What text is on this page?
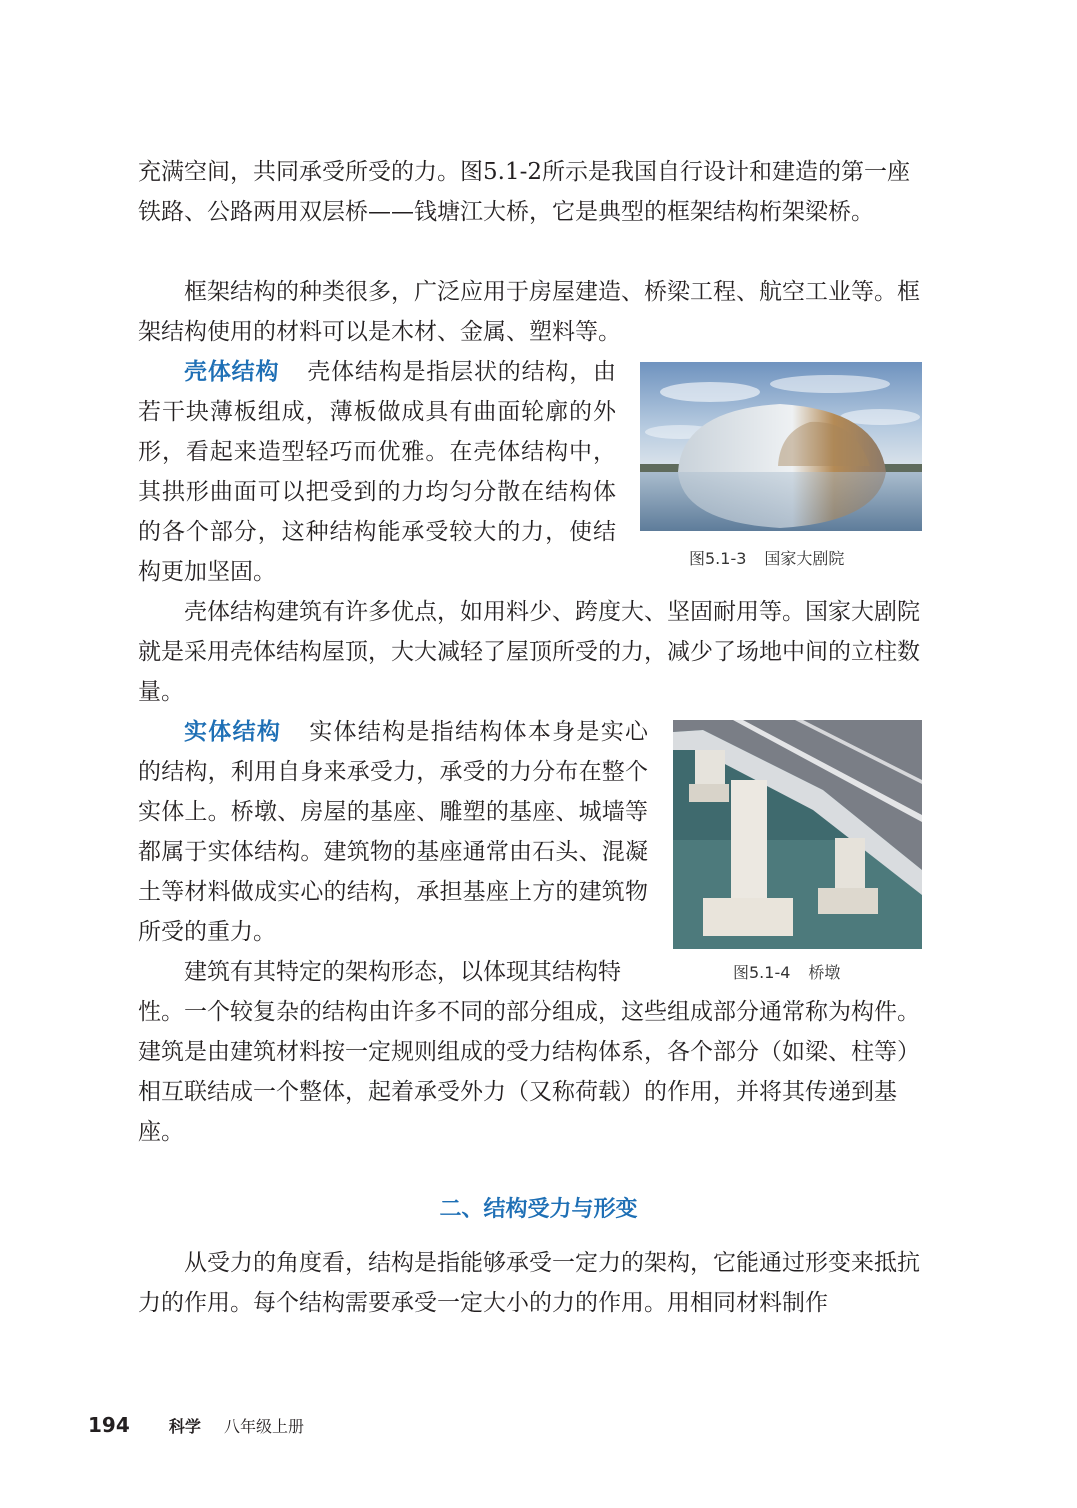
充满空间，共同承受所受的力。图5.1-2所示是我国自行设计和建造的第一座铁路、公路两用双层桥——钱塘江大桥，它是典型的框架结构桁架梁桥。

框架结构的种类很多，广泛应用于房屋建造、桥梁工程、航空工业等。框架结构使用的材料可以是木材、金属、塑料等。

壳体结构 壳体结构是指层状的结构，由若干块薄板组成，薄板做成具有曲面轮廓的外形，看起来造型轻巧而优雅。在壳体结构中，其拱形曲面可以把受到的力均匀分散在结构体的各个部分，这种结构能承受较大的力，使结构更加坚固。

图5.1-3 国家大剧院

壳体结构建筑有许多优点，如用料少、跨度大、坚固耐用等。国家大剧院就是采用壳体结构屋顶，大大减轻了屋顶所受的力，减少了场地中间的立柱数量。

实体结构 实体结构是指结构体本身是实心的结构，利用自身来承受力，承受的力分布在整个实体上。桥墩、房屋的基座、雕塑的基座、城墙等都属于实体结构。建筑物的基座通常由石头、混凝土等材料做成实心的结构，承担基座上方的建筑物所受的重力。

图5.1-4 桥墩

建筑有其特定的架构形态，以体现其结构特

性。一个较复杂的结构由许多不同的部分组成，这些组成部分通常称为构件。建筑是由建筑材料按一定规则组成的受力结构体系，各个部分（如梁、柱等）相互联结成一个整体，起着承受外力（又称荷载）的作用，并将其传递到基座。

二、结构受力与形变

从受力的角度看，结构是指能够承受一定力的架构，它能通过形变来抵抗力的作用。每个结构需要承受一定大小的力的作用。用相同材料制作

194 科学 八年级上册
